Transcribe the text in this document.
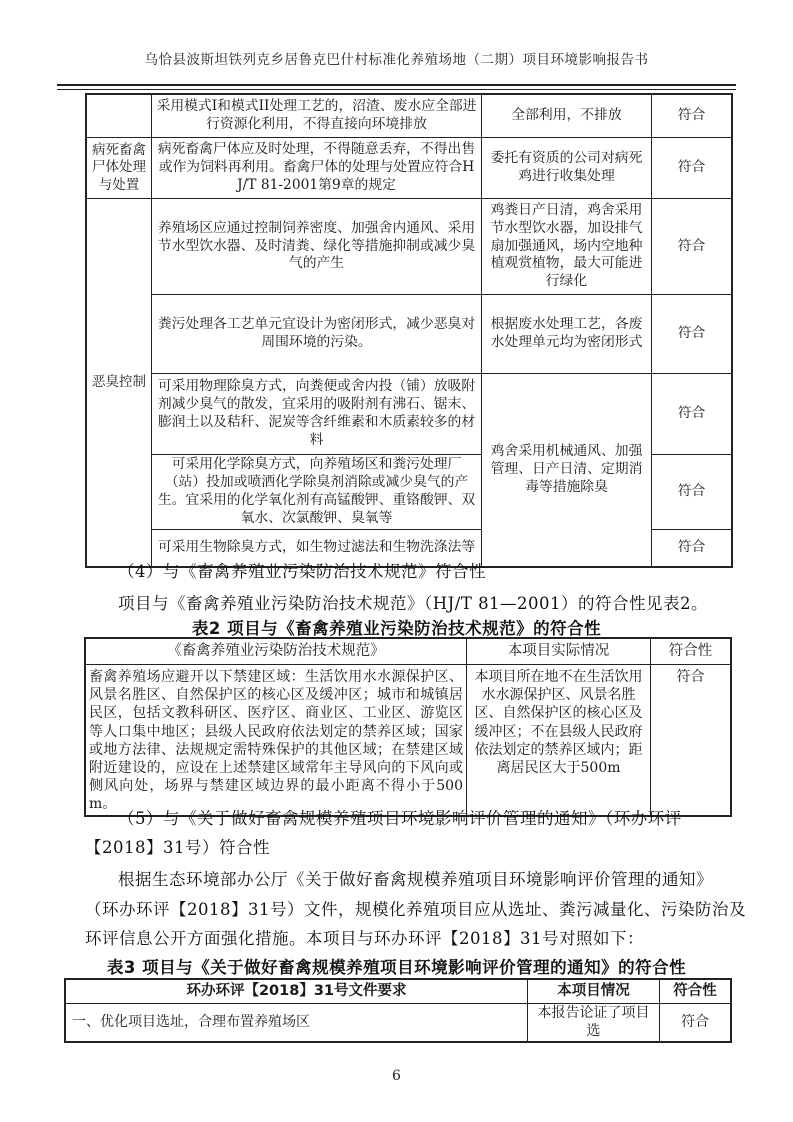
乌恰县波斯坦铁列克乡居鲁克巴什村标准化养殖场地（二期）项目环境影响报告书
	采用模式I和模式II处理工艺的，沼渣、废水应全部进行资源化利用，不得直接向环境排放	全部利用，不排放	符合
病死畜禽尸体处理与处置	病死畜禽尸体应及时处理，不得随意丢弃，不得出售或作为饲料再利用。畜禽尸体的处理与处置应符合HJ/T 81-2001第9章的规定	委托有资质的公司对病死鸡进行收集处理	符合
恶臭控制	养殖场区应通过控制饲养密度、加强舍内通风、采用节水型饮水器、及时清粪、绿化等措施抑制或减少臭气的产生	鸡粪日产日清，鸡舍采用节水型饮水器，加设排气扇加强通风，场内空地种植观赏植物，最大可能进行绿化	符合
	粪污处理各工艺单元宜设计为密闭形式，减少恶臭对周围环境的污染。	根据废水处理工艺，各废水处理单元均为密闭形式	符合
	可采用物理除臭方式，向粪便或舍内投（铺）放吸附剂减少臭气的散发，宜采用的吸附剂有沸石、锯末、膨润土以及秸秆、泥炭等含纤维素和木质素较多的材料	鸡舍采用机械通风、加强管理、日产日清、定期消毒等措施除臭	符合
	可采用化学除臭方式，向养殖场区和粪污处理厂（站）投加或喷洒化学除臭剂消除或减少臭气的产生。宜采用的化学氧化剂有高锰酸钾、重铬酸钾、双氧水、次氯酸钾、臭氧等		符合
	可采用生物除臭方式，如生物过滤法和生物洗涤法等		符合
（4）与《畜禽养殖业污染防治技术规范》符合性
项目与《畜禽养殖业污染防治技术规范》（HJ/T 81—2001）的符合性见表2。
表2 项目与《畜禽养殖业污染防治技术规范》的符合性
《畜禽养殖业污染防治技术规范》	本项目实际情况	符合性
畜禽养殖场应避开以下禁建区域：生活饮用水水源保护区、风景名胜区、自然保护区的核心区及缓冲区；城市和城镇居民区，包括文教科研区、医疗区、商业区、工业区、游览区等人口集中地区；县级人民政府依法划定的禁养区域；国家或地方法律、法规规定需特殊保护的其他区域；在禁建区域附近建设的，应设在上述禁建区域常年主导风向的下风向或侧风向处，场界与禁建区域边界的最小距离不得小于500m。	本项目所在地不在生活饮用水水源保护区、风景名胜区、自然保护区的核心区及缓冲区；不在县级人民政府依法划定的禁养区域内；距离居民区大于500m	符合
（5）与《关于做好畜禽规模养殖项目环境影响评价管理的通知》（环办环评
【2018】31号）符合性
根据生态环境部办公厅《关于做好畜禽规模养殖项目环境影响评价管理的通知》
（环办环评【2018】31号）文件，规模化养殖项目应从选址、粪污减量化、污染防治及
环评信息公开方面强化措施。本项目与环办环评【2018】31号对照如下：
表3 项目与《关于做好畜禽规模养殖项目环境影响评价管理的通知》的符合性
环办环评【2018】31号文件要求	本项目情况	符合性
一、优化项目选址，合理布置养殖场区	本报告论证了项目选	符合
6
